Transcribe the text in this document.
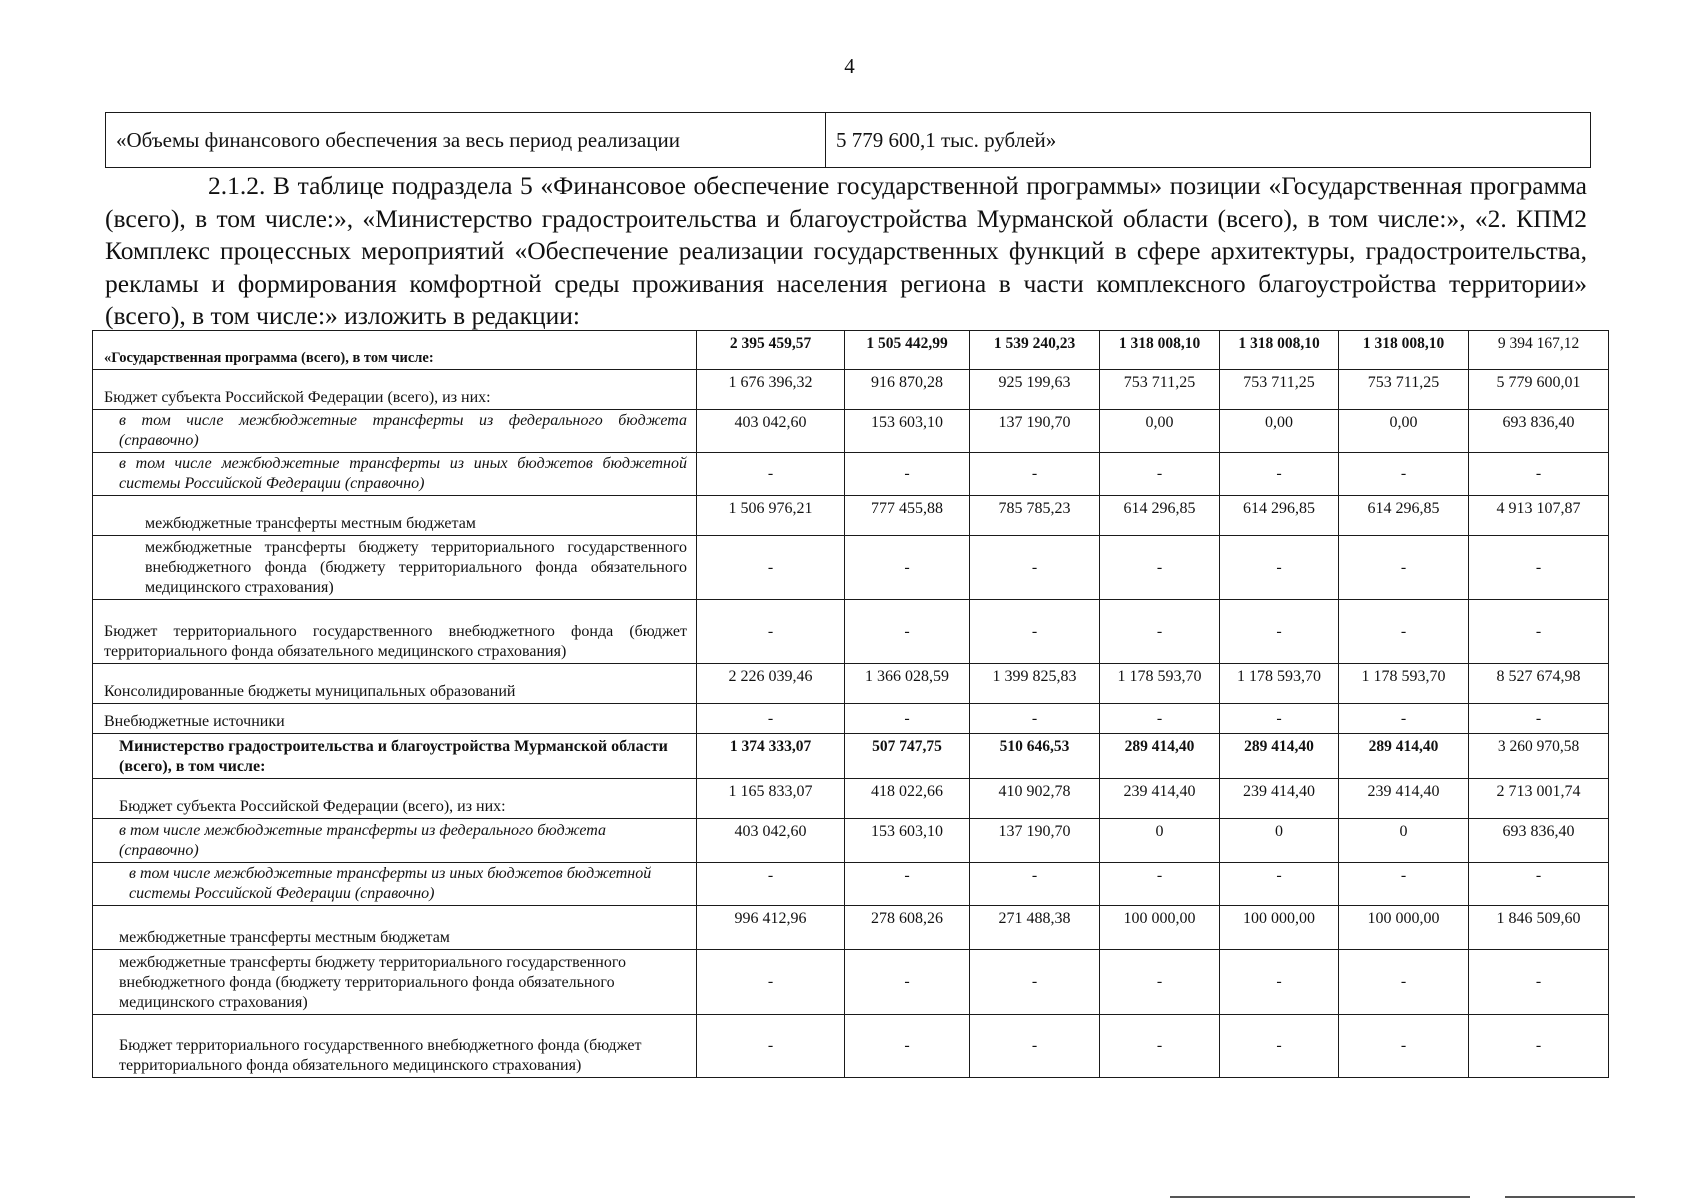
4
«Объемы финансового обеспечения за весь период реализации	5 779 600,1 тыс. рублей»
2.1.2. В таблице подраздела 5 «Финансовое обеспечение государственной программы» позиции «Государственная программа (всего), в том числе:», «Министерство градостроительства и благоустройства Мурманской области (всего), в том числе:», «2. КПМ2 Комплекс процессных мероприятий «Обеспечение реализации государственных функций в сфере архитектуры, градостроительства, рекламы и формирования комфортной среды проживания населения региона в части комплексного благоустройства территории» (всего), в том числе:» изложить в редакции:
«Государственная программа (всего), в том числе:	2 395 459,57	1 505 442,99	1 539 240,23	1 318 008,10	1 318 008,10	1 318 008,10	9 394 167,12
Бюджет субъекта Российской Федерации (всего), из них:	1 676 396,32	916 870,28	925 199,63	753 711,25	753 711,25	753 711,25	5 779 600,01
в том числе межбюджетные трансферты из федерального бюджета (справочно)	403 042,60	153 603,10	137 190,70	0,00	0,00	0,00	693 836,40
в том числе межбюджетные трансферты из иных бюджетов бюджетной системы Российской Федерации (справочно)	-	-	-	-	-	-	-
межбюджетные трансферты местным бюджетам	1 506 976,21	777 455,88	785 785,23	614 296,85	614 296,85	614 296,85	4 913 107,87
межбюджетные трансферты бюджету территориального государственного внебюджетного фонда (бюджету территориального фонда обязательного медицинского страхования)	-	-	-	-	-	-	-
Бюджет территориального государственного внебюджетного фонда (бюджет территориального фонда обязательного медицинского страхования)	-	-	-	-	-	-	-
Консолидированные бюджеты муниципальных образований	2 226 039,46	1 366 028,59	1 399 825,83	1 178 593,70	1 178 593,70	1 178 593,70	8 527 674,98
Внебюджетные источники	-	-	-	-	-	-	-
Министерство градостроительства и благоустройства Мурманской области (всего), в том числе:	1 374 333,07	507 747,75	510 646,53	289 414,40	289 414,40	289 414,40	3 260 970,58
Бюджет субъекта Российской Федерации (всего), из них:	1 165 833,07	418 022,66	410 902,78	239 414,40	239 414,40	239 414,40	2 713 001,74
в том числе межбюджетные трансферты из федерального бюджета (справочно)	403 042,60	153 603,10	137 190,70	0	0	0	693 836,40
в том числе межбюджетные трансферты из иных бюджетов бюджетной системы Российской Федерации (справочно)	-	-	-	-	-	-	-
межбюджетные трансферты местным бюджетам	996 412,96	278 608,26	271 488,38	100 000,00	100 000,00	100 000,00	1 846 509,60
межбюджетные трансферты бюджету территориального государственного внебюджетного фонда (бюджету территориального фонда обязательного медицинского страхования)	-	-	-	-	-	-	-
Бюджет территориального государственного внебюджетного фонда (бюджет территориального фонда обязательного медицинского страхования)	-	-	-	-	-	-	-
